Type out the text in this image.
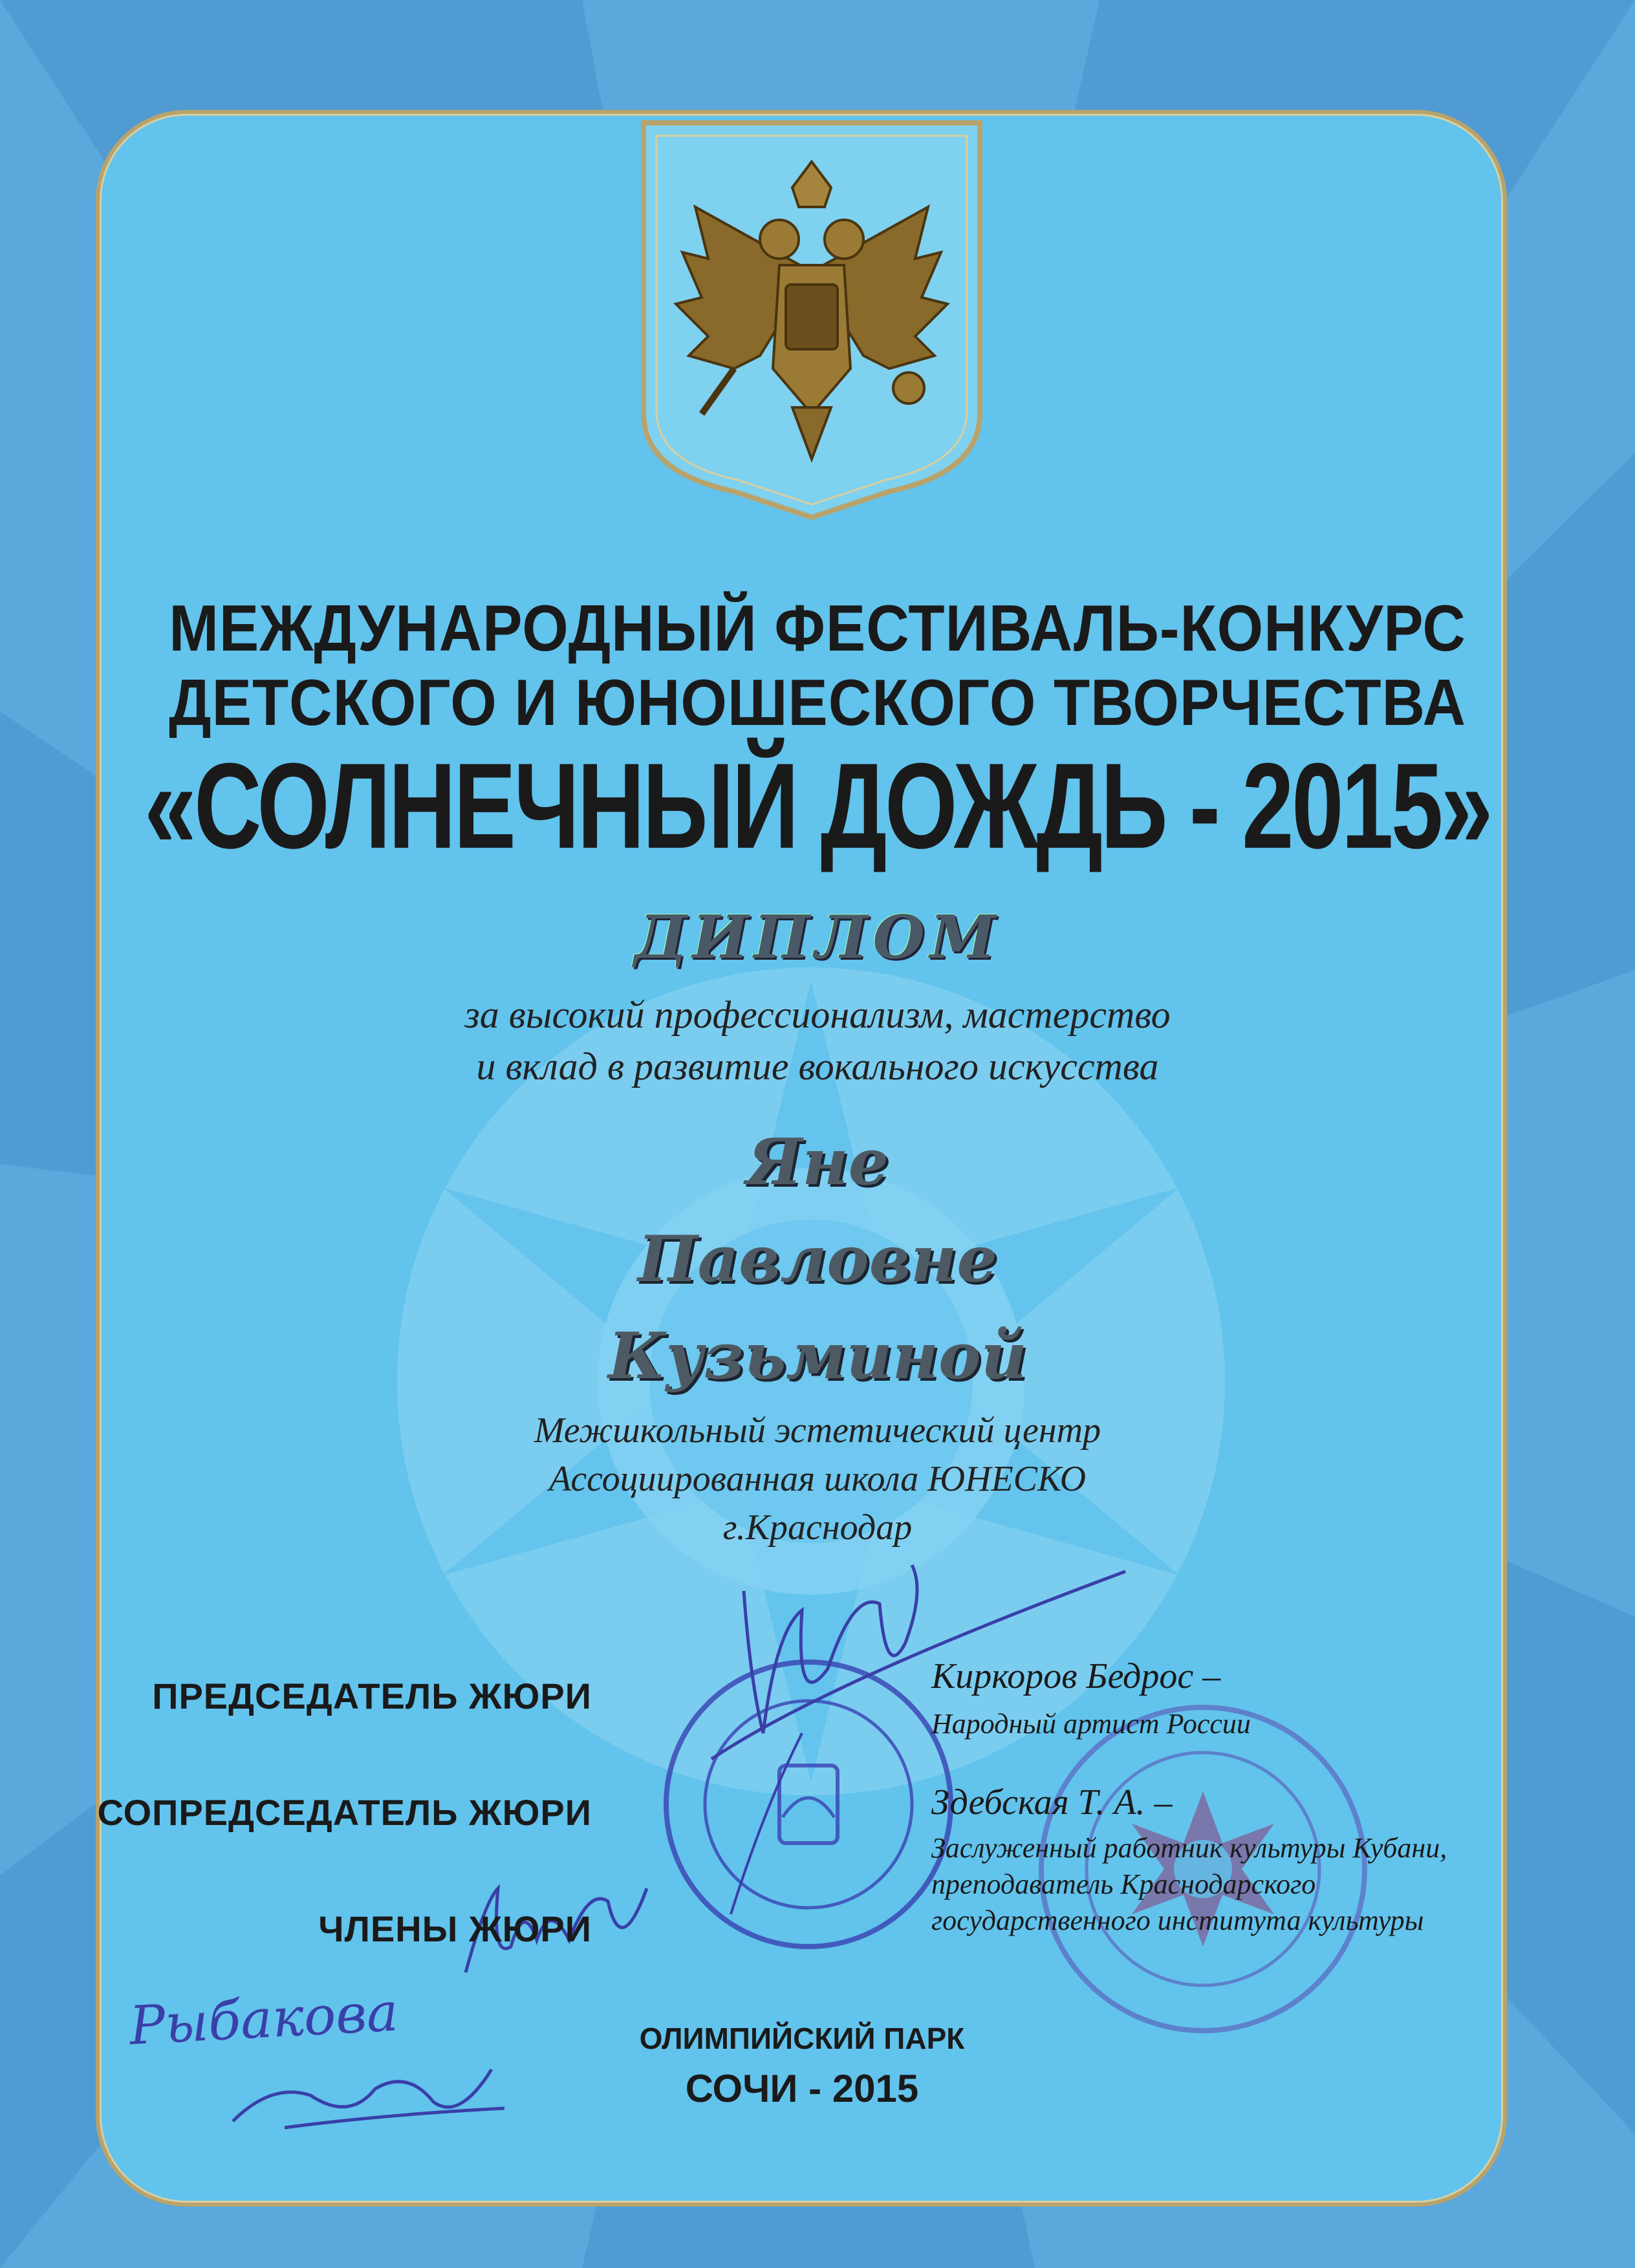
МЕЖДУНАРОДНЫЙ ФЕСТИВАЛЬ-КОНКУРС
ДЕТСКОГО И ЮНОШЕСКОГО ТВОРЧЕСТВА
«СОЛНЕЧНЫЙ ДОЖДЬ - 2015»
ДИПЛОМ
за высокий профессионализм, мастерство
и вклад в развитие вокального искусства
Яне
Павловне
Кузьминой
Межшкольный эстетический центр
Ассоциированная школа ЮНЕСКО
г.Краснодар
Рыбакова
ПРЕДСЕДАТЕЛЬ ЖЮРИ
СОПРЕДСЕДАТЕЛЬ ЖЮРИ
ЧЛЕНЫ ЖЮРИ
Киркоров Бедрос –
Народный артист России
Здебская Т. А. –
Заслуженный работник культуры Кубани,
преподаватель Краснодарского
государственного института культуры
ОЛИМПИЙСКИЙ ПАРК
СОЧИ - 2015
